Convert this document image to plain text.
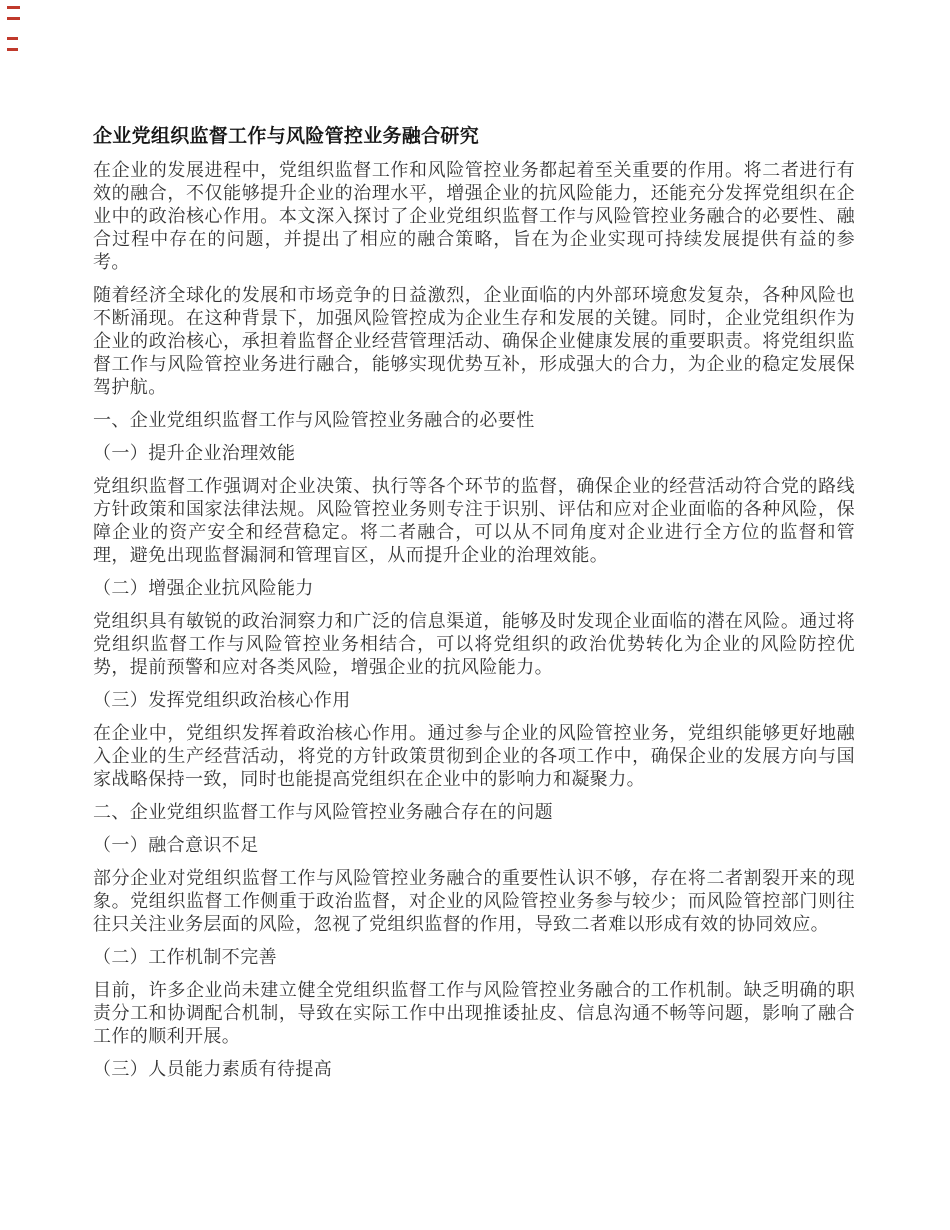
企业党组织监督工作与风险管控业务融合研究

在企业的发展进程中，党组织监督工作和风险管控业务都起着至关重要的作用。将二者进行有效的融合，不仅能够提升企业的治理水平，增强企业的抗风险能力，还能充分发挥党组织在企业中的政治核心作用。本文深入探讨了企业党组织监督工作与风险管控业务融合的必要性、融合过程中存在的问题，并提出了相应的融合策略，旨在为企业实现可持续发展提供有益的参考。

随着经济全球化的发展和市场竞争的日益激烈，企业面临的内外部环境愈发复杂，各种风险也不断涌现。在这种背景下，加强风险管控成为企业生存和发展的关键。同时，企业党组织作为企业的政治核心，承担着监督企业经营管理活动、确保企业健康发展的重要职责。将党组织监督工作与风险管控业务进行融合，能够实现优势互补，形成强大的合力，为企业的稳定发展保驾护航。

一、企业党组织监督工作与风险管控业务融合的必要性

（一）提升企业治理效能

党组织监督工作强调对企业决策、执行等各个环节的监督，确保企业的经营活动符合党的路线方针政策和国家法律法规。风险管控业务则专注于识别、评估和应对企业面临的各种风险，保障企业的资产安全和经营稳定。将二者融合，可以从不同角度对企业进行全方位的监督和管理，避免出现监督漏洞和管理盲区，从而提升企业的治理效能。

（二）增强企业抗风险能力

党组织具有敏锐的政治洞察力和广泛的信息渠道，能够及时发现企业面临的潜在风险。通过将党组织监督工作与风险管控业务相结合，可以将党组织的政治优势转化为企业的风险防控优势，提前预警和应对各类风险，增强企业的抗风险能力。

（三）发挥党组织政治核心作用

在企业中，党组织发挥着政治核心作用。通过参与企业的风险管控业务，党组织能够更好地融入企业的生产经营活动，将党的方针政策贯彻到企业的各项工作中，确保企业的发展方向与国家战略保持一致，同时也能提高党组织在企业中的影响力和凝聚力。

二、企业党组织监督工作与风险管控业务融合存在的问题

（一）融合意识不足

部分企业对党组织监督工作与风险管控业务融合的重要性认识不够，存在将二者割裂开来的现象。党组织监督工作侧重于政治监督，对企业的风险管控业务参与较少；而风险管控部门则往往只关注业务层面的风险，忽视了党组织监督的作用，导致二者难以形成有效的协同效应。

（二）工作机制不完善

目前，许多企业尚未建立健全党组织监督工作与风险管控业务融合的工作机制。缺乏明确的职责分工和协调配合机制，导致在实际工作中出现推诿扯皮、信息沟通不畅等问题，影响了融合工作的顺利开展。

（三）人员能力素质有待提高
